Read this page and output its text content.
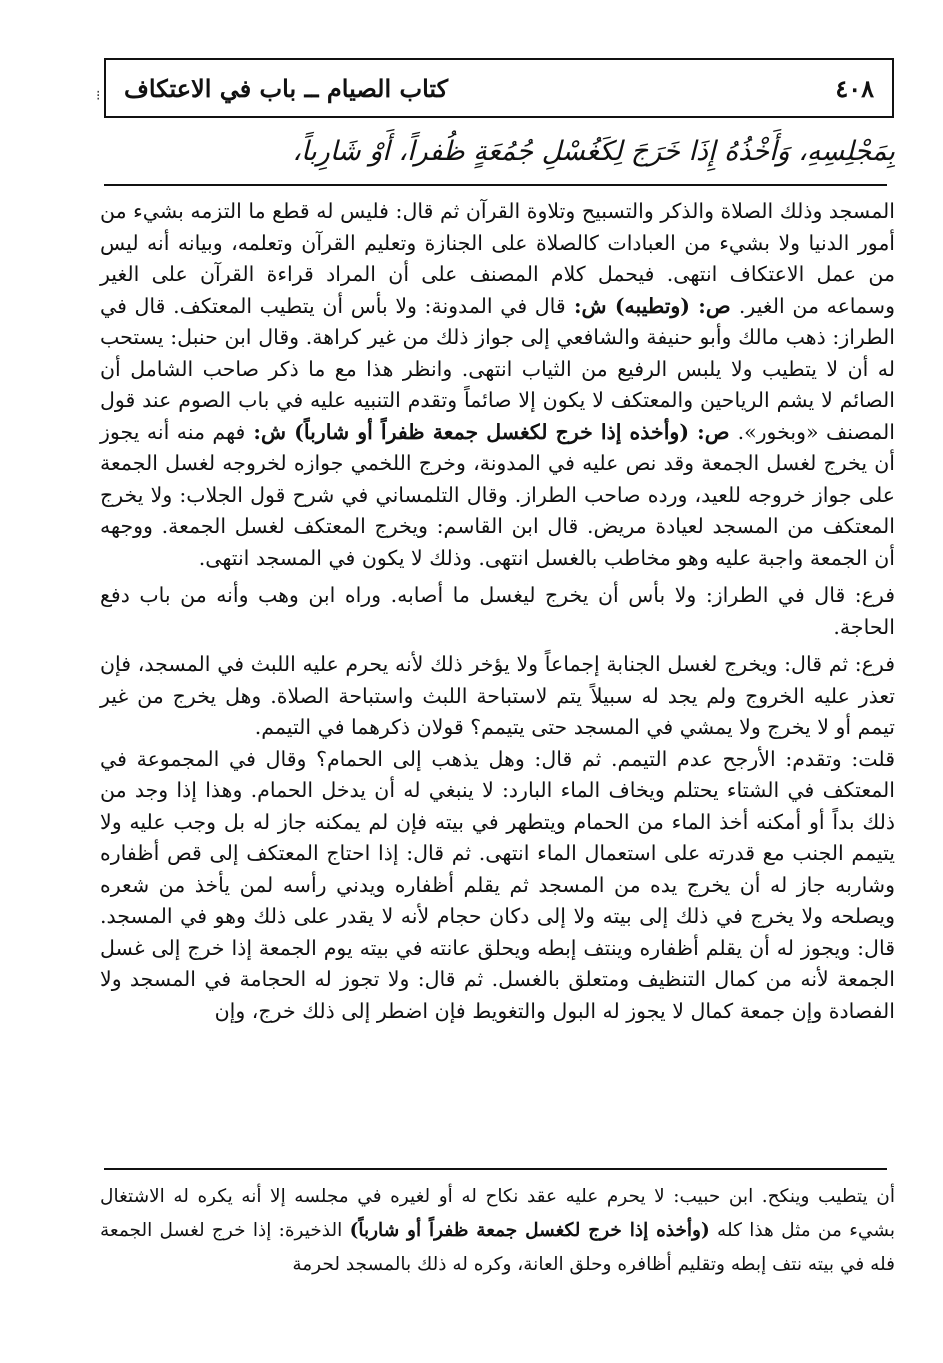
⁝	٤٠٨
كتاب الصيام ــ باب في الاعتكاف
بِمَجْلِسِهِ، وَأَخْذُهُ إِذَا خَرَجَ لِكَغُسْلِ جُمُعَةٍ ظُفراً، أَوْ شَارِباً،

المسجد وذلك الصلاة والذكر والتسبيح وتلاوة القرآن ثم قال: فليس له قطع ما التزمه بشيء من أمور الدنيا ولا بشيء من العبادات كالصلاة على الجنازة وتعليم القرآن وتعلمه، وبيانه أنه ليس من عمل الاعتكاف انتهى. فيحمل كلام المصنف على أن المراد قراءة القرآن على الغير وسماعه من الغير. ص: (وتطيبه) ش: قال في المدونة: ولا بأس أن يتطيب المعتكف. قال في الطراز: ذهب مالك وأبو حنيفة والشافعي إلى جواز ذلك من غير كراهة. وقال ابن حنبل: يستحب له أن لا يتطيب ولا يلبس الرفيع من الثياب انتهى. وانظر هذا مع ما ذكر صاحب الشامل أن الصائم لا يشم الرياحين والمعتكف لا يكون إلا صائماً وتقدم التنبيه عليه في باب الصوم عند قول المصنف «وبخور». ص: (وأخذه إذا خرج لكغسل جمعة ظفراً أو شارباً) ش: فهم منه أنه يجوز أن يخرج لغسل الجمعة وقد نص عليه في المدونة، وخرج اللخمي جوازه لخروجه لغسل الجمعة على جواز خروجه للعيد، ورده صاحب الطراز. وقال التلمساني في شرح قول الجلاب: ولا يخرج المعتكف من المسجد لعيادة مريض. قال ابن القاسم: ويخرج المعتكف لغسل الجمعة. ووجهه أن الجمعة واجبة عليه وهو مخاطب بالغسل انتهى. وذلك لا يكون في المسجد انتهى.

فرع: قال في الطراز: ولا بأس أن يخرج ليغسل ما أصابه. وراه ابن وهب وأنه من باب دفع الحاجة.

فرع: ثم قال: ويخرج لغسل الجنابة إجماعاً ولا يؤخر ذلك لأنه يحرم عليه اللبث في المسجد، فإن تعذر عليه الخروج ولم يجد له سبيلاً يتم لاستباحة اللبث واستباحة الصلاة. وهل يخرج من غير تيمم أو لا يخرج ولا يمشي في المسجد حتى يتيمم؟ قولان ذكرهما في التيمم.

قلت: وتقدم: الأرجح عدم التيمم. ثم قال: وهل يذهب إلى الحمام؟ وقال في المجموعة في المعتكف في الشتاء يحتلم ويخاف الماء البارد: لا ينبغي له أن يدخل الحمام. وهذا إذا وجد من ذلك بداً أو أمكنه أخذ الماء من الحمام ويتطهر في بيته فإن لم يمكنه جاز له بل وجب عليه ولا يتيمم الجنب مع قدرته على استعمال الماء انتهى. ثم قال: إذا احتاج المعتكف إلى قص أظفاره وشاربه جاز له أن يخرج يده من المسجد ثم يقلم أظفاره ويدني رأسه لمن يأخذ من شعره ويصلحه ولا يخرج في ذلك إلى بيته ولا إلى دكان حجام لأنه لا يقدر على ذلك وهو في المسجد. قال: ويجوز له أن يقلم أظفاره وينتف إبطه ويحلق عانته في بيته يوم الجمعة إذا خرج إلى غسل الجمعة لأنه من كمال التنظيف ومتعلق بالغسل. ثم قال: ولا تجوز له الحجامة في المسجد ولا الفصادة وإن جمعة كمال لا يجوز له البول والتغويط فإن اضطر إلى ذلك خرج، وإن

أن يتطيب وينكح. ابن حبيب: لا يحرم عليه عقد نكاح له أو لغيره في مجلسه إلا أنه يكره له الاشتغال بشيء من مثل هذا كله (وأخذه إذا خرج لكغسل جمعة ظفراً أو شارباً) الذخيرة: إذا خرج لغسل الجمعة فله في بيته نتف إبطه وتقليم أظافره وحلق العانة، وكره له ذلك بالمسجد لحرمة
